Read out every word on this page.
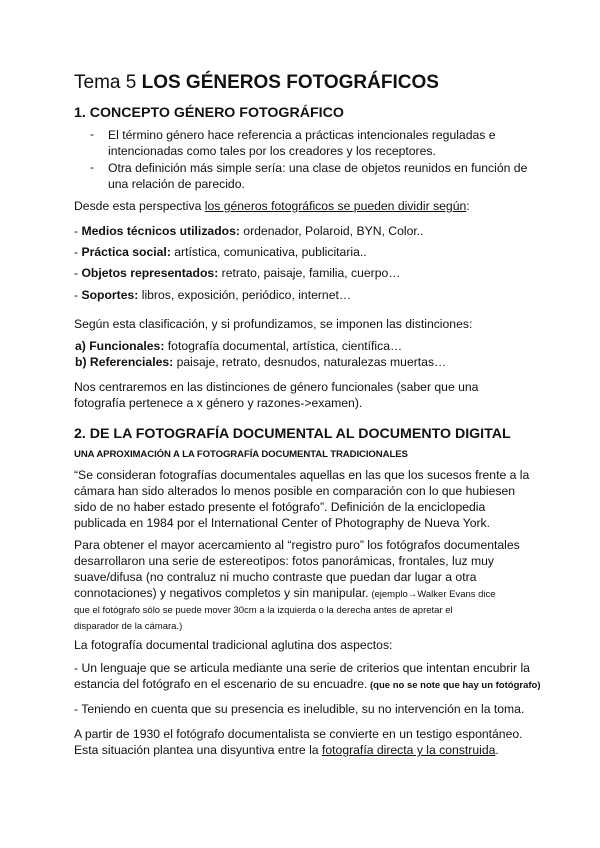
Tema 5 LOS GÉNEROS FOTOGRÁFICOS
1. CONCEPTO GÉNERO FOTOGRÁFICO
- El término género hace referencia a prácticas intencionales reguladas e
intencionadas como tales por los creadores y los receptores.
- Otra definición más simple sería: una clase de objetos reunidos en función de
una relación de parecido.
Desde esta perspectiva los géneros fotográficos se pueden dividir según:
- Medios técnicos utilizados: ordenador, Polaroid, BYN, Color..
- Práctica social: artística, comunicativa, publicitaria..
- Objetos representados: retrato, paisaje, familia, cuerpo…
- Soportes: libros, exposición, periódico, internet…
Según esta clasificación, y si profundizamos, se imponen las distinciones:
a) Funcionales: fotografía documental, artística, científica…
b) Referenciales: paisaje, retrato, desnudos, naturalezas muertas…
Nos centraremos en las distinciones de género funcionales (saber que una
fotografía pertenece a x género y razones->examen).
2. DE LA FOTOGRAFÍA DOCUMENTAL AL DOCUMENTO DIGITAL
UNA APROXIMACIÓN A LA FOTOGRAFÍA DOCUMENTAL TRADICIONALES
“Se consideran fotografías documentales aquellas en las que los sucesos frente a la
cámara han sido alterados lo menos posible en comparación con lo que hubiesen
sido de no haber estado presente el fotógrafo”. Definición de la enciclopedia
publicada en 1984 por el International Center of Photography de Nueva York.
Para obtener el mayor acercamiento al “registro puro” los fotógrafos documentales
desarrollaron una serie de estereotipos: fotos panorámicas, frontales, luz muy
suave/difusa (no contraluz ni mucho contraste que puedan dar lugar a otra
connotaciones) y negativos completos y sin manipular. (ejemplo→Walker Evans dice
que el fotógrafo sólo se puede mover 30cm a la izquierda o la derecha antes de apretar el
disparador de la cámara.)
La fotografía documental tradicional aglutina dos aspectos:
- Un lenguaje que se articula mediante una serie de criterios que intentan encubrir la
estancia del fotógrafo en el escenario de su encuadre. (que no se note que hay un fotógrafo)
- Teniendo en cuenta que su presencia es ineludible, su no intervención en la toma.
A partir de 1930 el fotógrafo documentalista se convierte en un testigo espontáneo.
Esta situación plantea una disyuntiva entre la fotografía directa y la construida.
